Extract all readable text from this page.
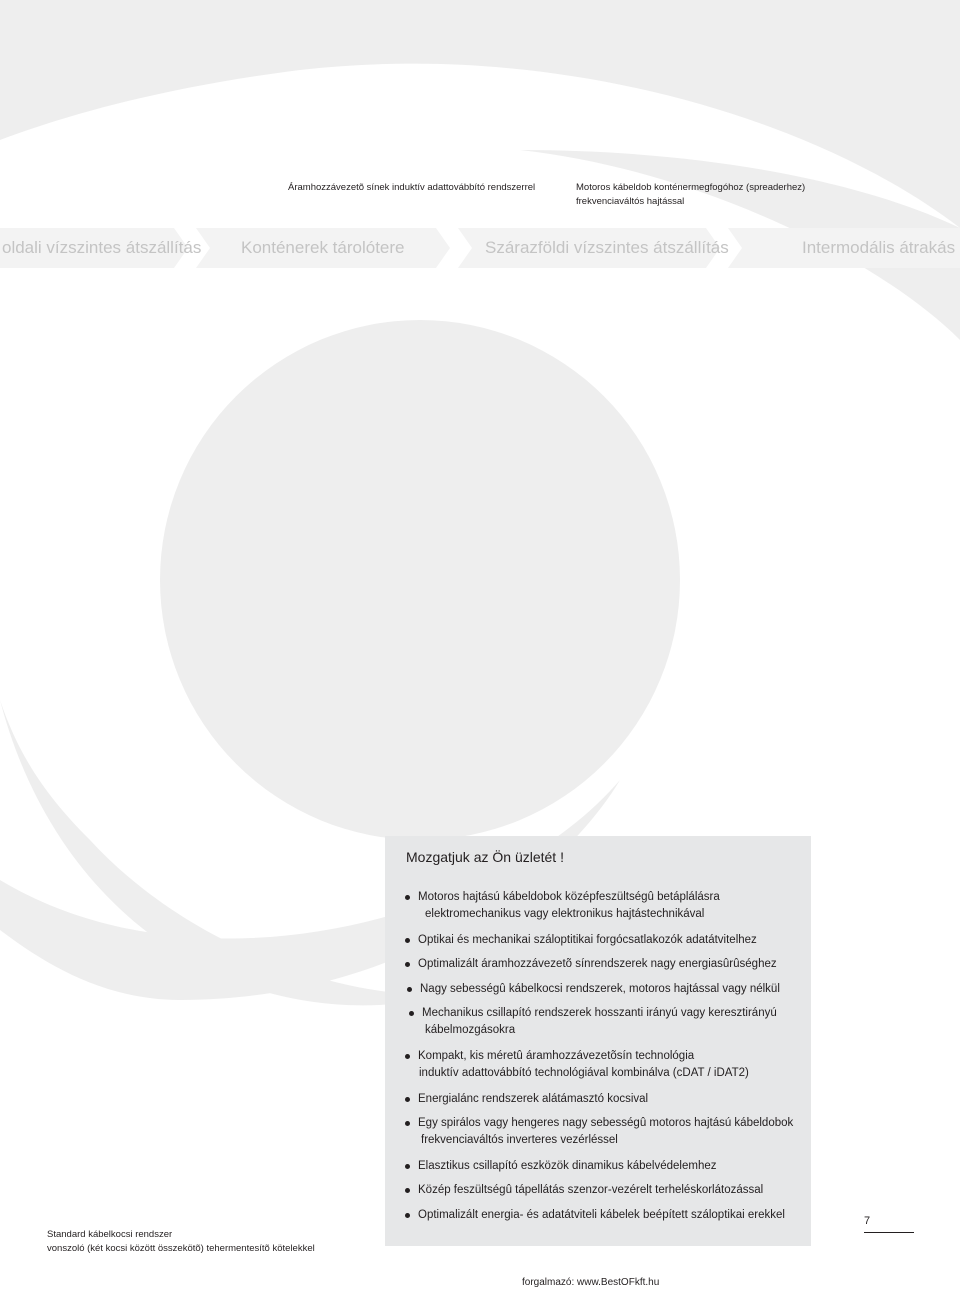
Áramhozzávezetõ sínek induktív adattovábbító rendszerrel	Motoros kábeldob konténermegfogóhoz (spreaderhez)
frekvenciaváltós hajtással
oldali vízszintes átszállítás Konténerek tárolótere	Szárazföldi vízszintes átszállítás	Intermodális átrakás
Mozgatjuk az Ön üzletét !
Motoros hajtású kábeldobok középfeszültségû betáplálásra
elektromechanikus vagy elektronikus hajtástechnikával
Optikai és mechanikai száloptitikai forgócsatlakozók adatátvitelhez
Optimalizált áramhozzávezetõ sínrendszerek nagy energiasûrûséghez
Nagy sebességû kábelkocsi rendszerek, motoros hajtással vagy nélkül
Mechanikus csillapító rendszerek hosszanti irányú vagy keresztirányú
kábelmozgásokra
Kompakt, kis méretû áramhozzávezetõsín technológia
induktív adattovábbító technológiával kombinálva (cDAT / iDAT2)
Energialánc rendszerek alátámasztó kocsival
Egy spirálos vagy hengeres nagy sebességû motoros hajtású kábeldobok
frekvenciaváltós inverteres vezérléssel
Elasztikus csillapító eszközök dinamikus kábelvédelemhez
Közép feszültségû tápellátás szenzor-vezérelt terheléskorlátozással
Optimalizált energia- és adatátviteli kábelek beépített száloptikai erekkel
Standard kábelkocsi rendszer
vonszoló (két kocsi között összekötõ) tehermentesítõ kötelekkel
7
forgalmazó: www.BestOFkft.hu
